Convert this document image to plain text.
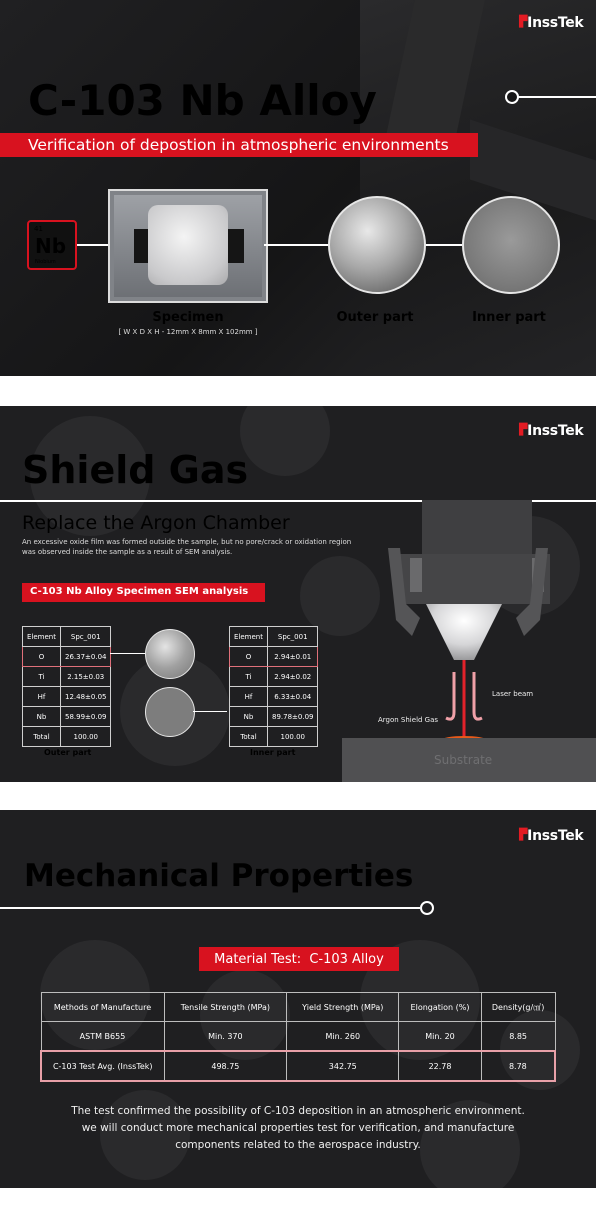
▛InssTek
C-103 Nb Alloy
Verification of depostion in atmospheric environments
41
Nb
Niobium
Specimen
[ W X D X H - 12mm X 8mm X 102mm ]
Outer part	Inner part
▛InssTek
Shield Gas
Replace the Argon Chamber
An excessive oxide film was formed outside the sample, but no pore/crack or oxidation region was observed inside the sample as a result of SEM analysis.
C-103 Nb Alloy Specimen SEM analysis
Element	Spc_001
O	26.37±0.04
Ti	2.15±0.03
Hf	12.48±0.05
Nb	58.99±0.09
Total	100.00
Outer part
Element	Spc_001
O	2.94±0.01
Ti	2.94±0.02
Hf	6.33±0.04
Nb	89.78±0.09
Total	100.00
Inner part
Laser beam
Argon Shield Gas
Substrate
▛InssTek
Mechanical Properties
Material Test:  C-103 Alloy
Methods of Manufacture	Tensile Strength (MPa)	Yield Strength (MPa)	Elongation (%)	Density(g/㎤)
ASTM B655	Min. 370	Min. 260	Min. 20	8.85
C-103 Test Avg. (InssTek)	498.75	342.75	22.78	8.78
The test confirmed the possibility of C-103 deposition in an atmospheric environment.
we will conduct more mechanical properties test for verification, and manufacture
components related to the aerospace industry.
